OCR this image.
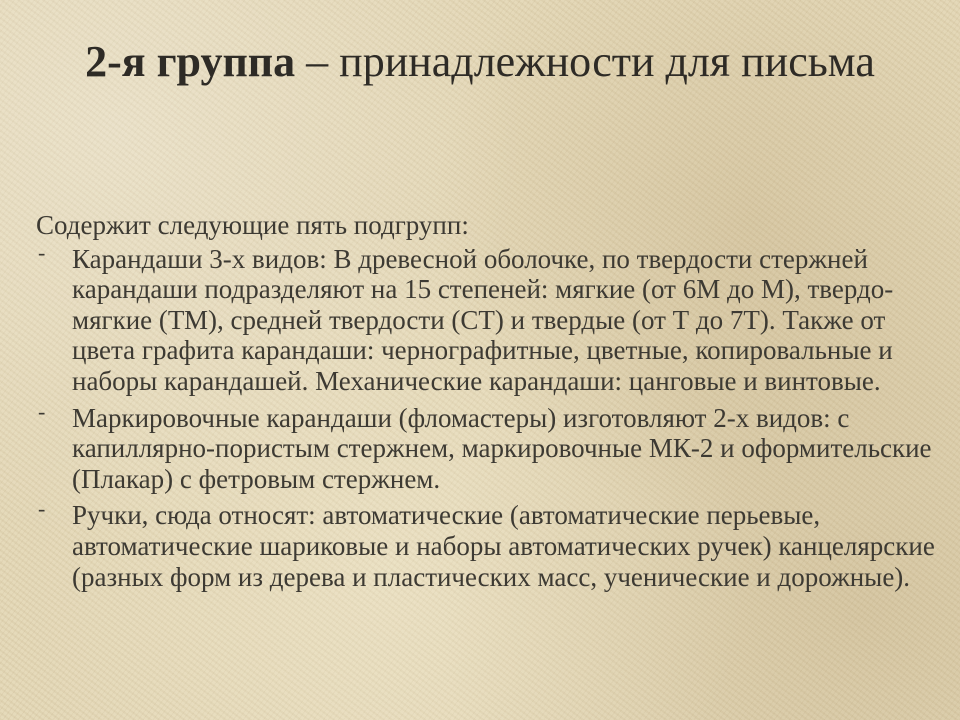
2-я группа – принадлежности для письма

Содержит следующие пять подгрупп:

- Карандаши 3-х видов: В древесной оболочке, по твердости стержней карандаши подразделяют на 15 степеней: мягкие (от 6М до М), твердо-мягкие (ТМ), средней твердости (СТ) и твердые (от Т до 7Т). Также от цвета графита карандаши: чернографитные, цветные, копировальные и наборы карандашей. Механические карандаши: цанговые и винтовые.
- Маркировочные карандаши (фломастеры) изготовляют 2-х видов: с капиллярно-пористым стержнем, маркировочные МК-2 и оформительские (Плакар) с фетровым стержнем.
- Ручки, сюда относят: автоматические (автоматические перьевые, автоматические шариковые и наборы автоматических ручек) канцелярские (разных форм из дерева и пластических масс, ученические и дорожные).
